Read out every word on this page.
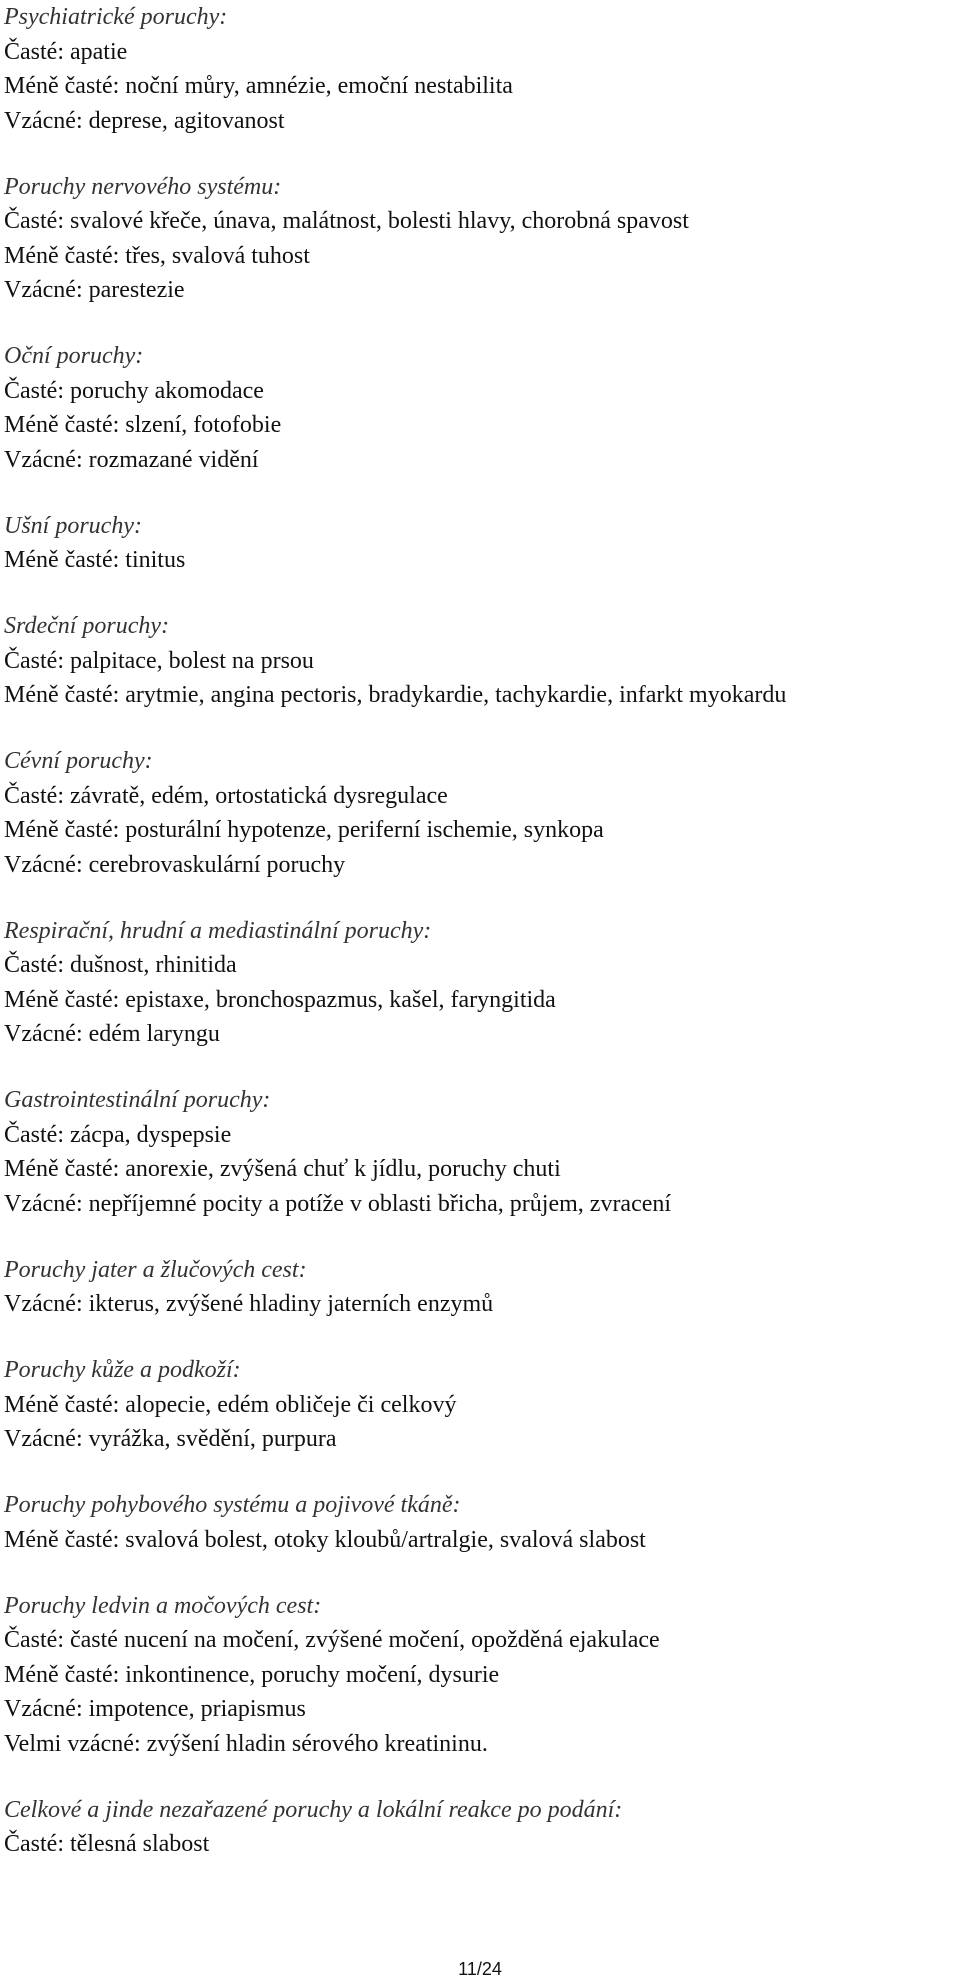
Psychiatrické poruchy:
Časté: apatie
Méně časté: noční můry, amnézie, emoční nestabilita
Vzácné: deprese, agitovanost
Poruchy nervového systému:
Časté: svalové křeče, únava, malátnost, bolesti hlavy, chorobná spavost
Méně časté: třes, svalová tuhost
Vzácné: parestezie
Oční poruchy:
Časté: poruchy akomodace
Méně časté: slzení, fotofobie
Vzácné: rozmazané vidění
Ušní poruchy:
Méně časté: tinitus
Srdeční poruchy:
Časté: palpitace, bolest na prsou
Méně časté: arytmie, angina pectoris, bradykardie, tachykardie, infarkt myokardu
Cévní poruchy:
Časté: závratě, edém, ortostatická dysregulace
Méně časté: posturální hypotenze, periferní ischemie, synkopa
Vzácné: cerebrovaskulární poruchy
Respirační, hrudní a mediastinální poruchy:
Časté: dušnost, rhinitida
Méně časté: epistaxe, bronchospazmus, kašel, faryngitida
Vzácné: edém laryngu
Gastrointestinální poruchy:
Časté: zácpa, dyspepsie
Méně časté: anorexie, zvýšená chuť k jídlu, poruchy chuti
Vzácné: nepříjemné pocity a potíže v oblasti břicha, průjem, zvracení
Poruchy jater a žlučových cest:
Vzácné: ikterus, zvýšené hladiny jaterních enzymů
Poruchy kůže a podkoží:
Méně časté: alopecie, edém obličeje či celkový
Vzácné: vyrážka, svědění, purpura
Poruchy pohybového systému a pojivové tkáně:
Méně časté: svalová bolest, otoky kloubů/artralgie, svalová slabost
Poruchy ledvin a močových cest:
Časté: časté nucení na močení, zvýšené močení, opožděná ejakulace
Méně časté: inkontinence, poruchy močení, dysurie
Vzácné: impotence, priapismus
Velmi vzácné: zvýšení hladin sérového kreatininu.
Celkové a jinde nezařazené poruchy a lokální reakce po podání:
Časté: tělesná slabost
11/24
